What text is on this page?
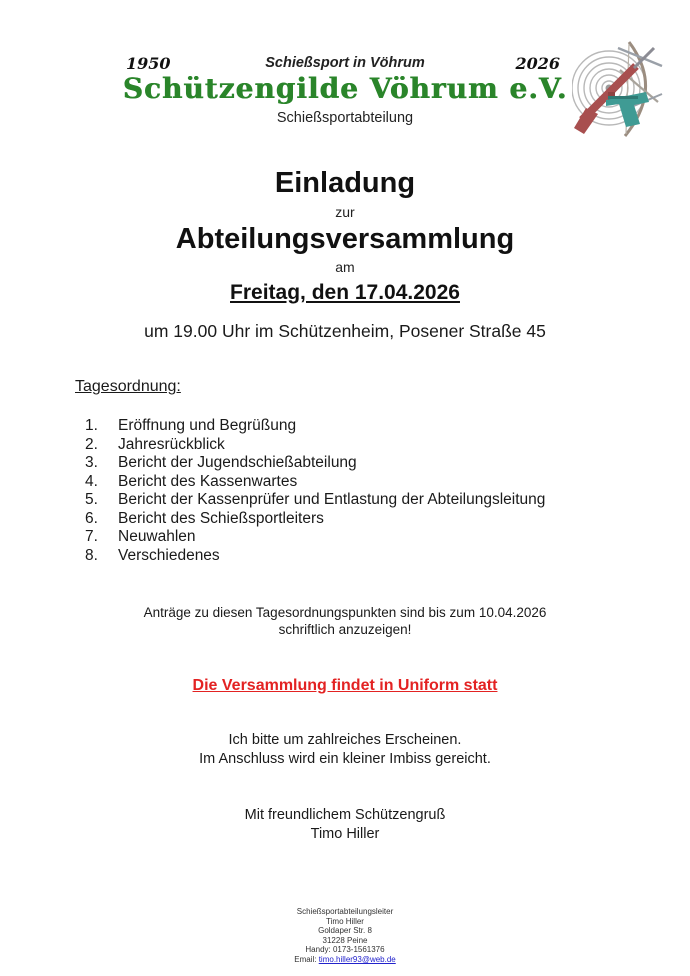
1950	Schießsport in Vöhrum	2026
Schützengilde Vöhrum e.V.
Schießsportabteilung
Einladung
zur
Abteilungsversammlung
am
Freitag, den 17.04.2026
um 19.00 Uhr im Schützenheim, Posener Straße 45
Tagesordnung:
1. Eröffnung und Begrüßung
2. Jahresrückblick
3. Bericht der Jugendschießabteilung
4. Bericht des Kassenwartes
5. Bericht der Kassenprüfer und Entlastung der Abteilungsleitung
6. Bericht des Schießsportleiters
7. Neuwahlen
8. Verschiedenes
Anträge zu diesen Tagesordnungspunkten sind bis zum 10.04.2026
schriftlich anzuzeigen!
Die Versammlung findet in Uniform statt
Ich bitte um zahlreiches Erscheinen.
Im Anschluss wird ein kleiner Imbiss gereicht.
Mit freundlichem Schützengruß
Timo Hiller
Schießsportabteilungsleiter
Timo Hiller
Goldaper Str. 8
31228 Peine
Handy: 0173-1561376
Email: timo.hiller93@web.de
